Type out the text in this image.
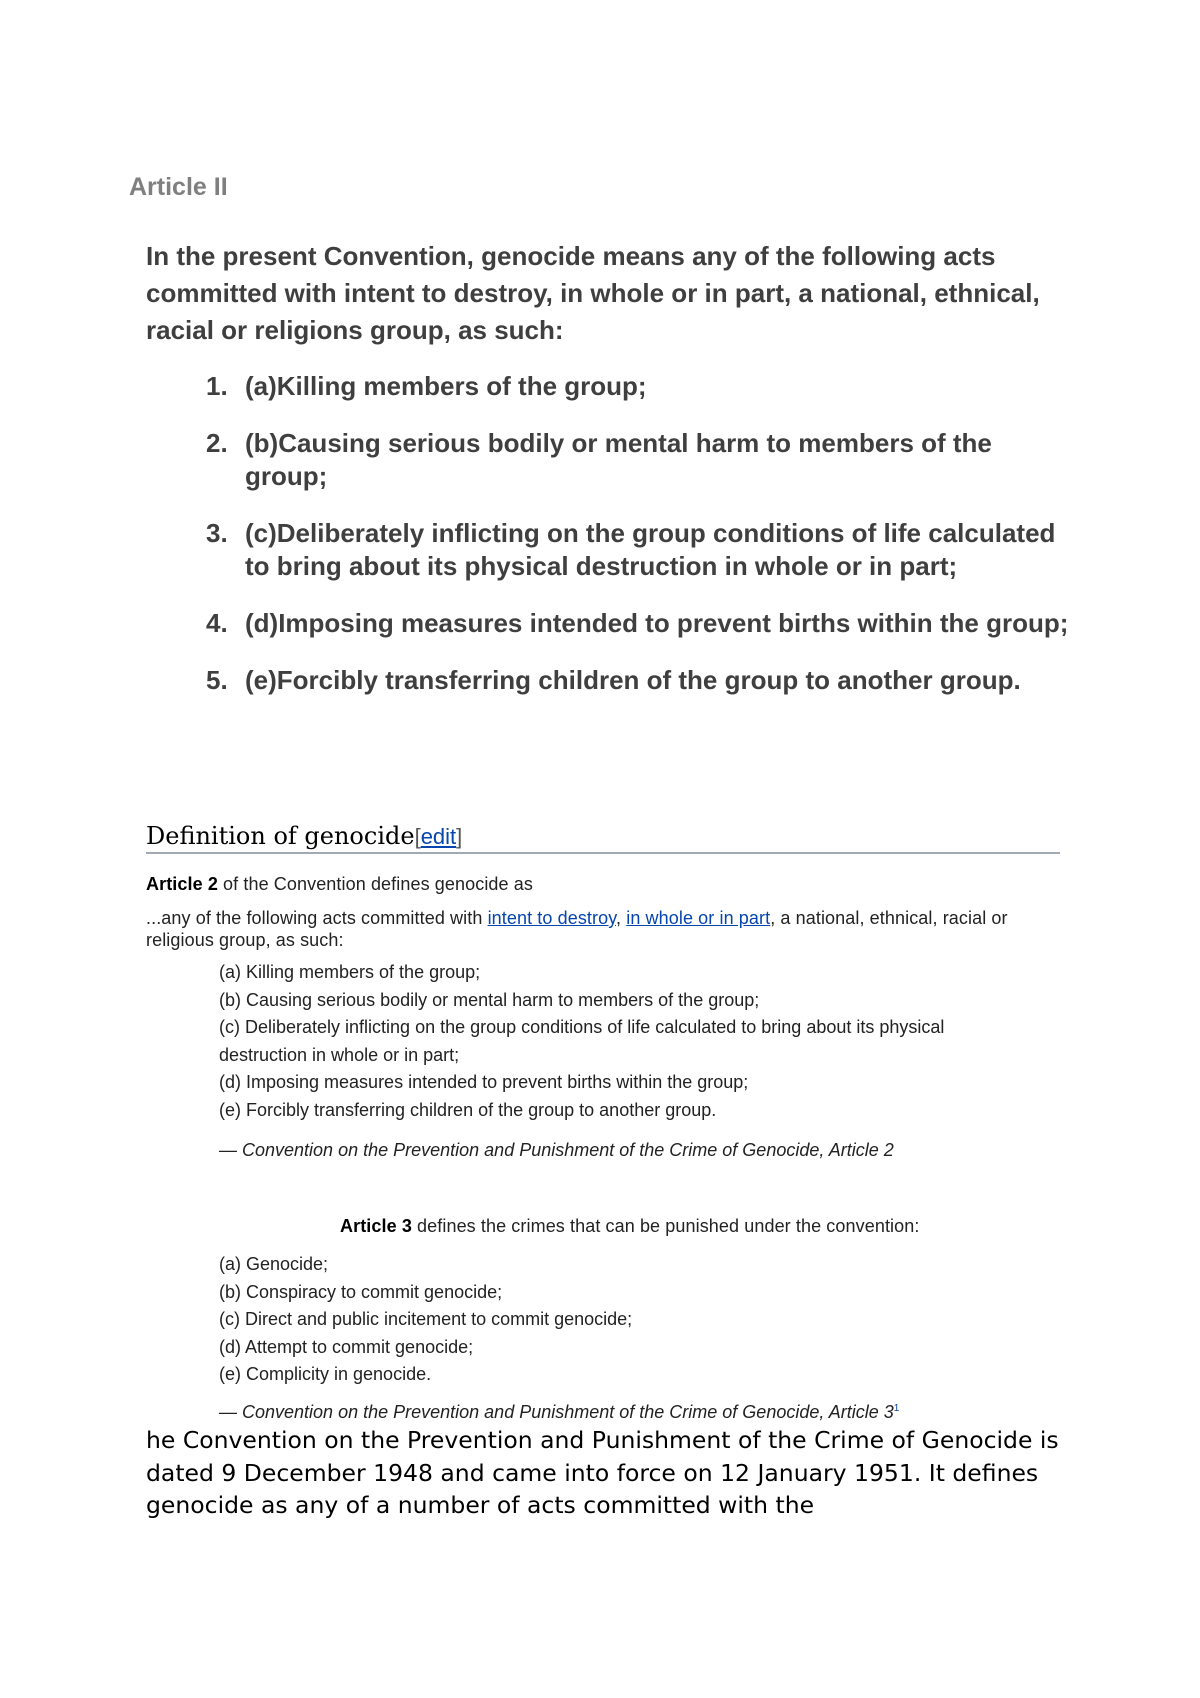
Article II

In the present Convention, genocide means any of the following acts committed with intent to destroy, in whole or in part, a national, ethnical, racial or religions group, as such:

1. (a)Killing members of the group;
2. (b)Causing serious bodily or mental harm to members of the group;
3. (c)Deliberately inflicting on the group conditions of life calculated to bring about its physical destruction in whole or in part;
4. (d)Imposing measures intended to prevent births within the group;
5. (e)Forcibly transferring children of the group to another group.
Definition of genocide[edit]

Article 2 of the Convention defines genocide as

...any of the following acts committed with intent to destroy, in whole or in part, a national, ethnical, racial or religious group, as such:

(a) Killing members of the group;
(b) Causing serious bodily or mental harm to members of the group;
(c) Deliberately inflicting on the group conditions of life calculated to bring about its physical destruction in whole or in part;
(d) Imposing measures intended to prevent births within the group;
(e) Forcibly transferring children of the group to another group.

— Convention on the Prevention and Punishment of the Crime of Genocide, Article 2

Article 3 defines the crimes that can be punished under the convention:

(a) Genocide;
(b) Conspiracy to commit genocide;
(c) Direct and public incitement to commit genocide;
(d) Attempt to commit genocide;
(e) Complicity in genocide.

— Convention on the Prevention and Punishment of the Crime of Genocide, Article $3^1$

he Convention on the Prevention and Punishment of the Crime of Genocide is dated 9 December 1948 and came into force on 12 January 1951. It defines genocide as any of a number of acts committed with the
